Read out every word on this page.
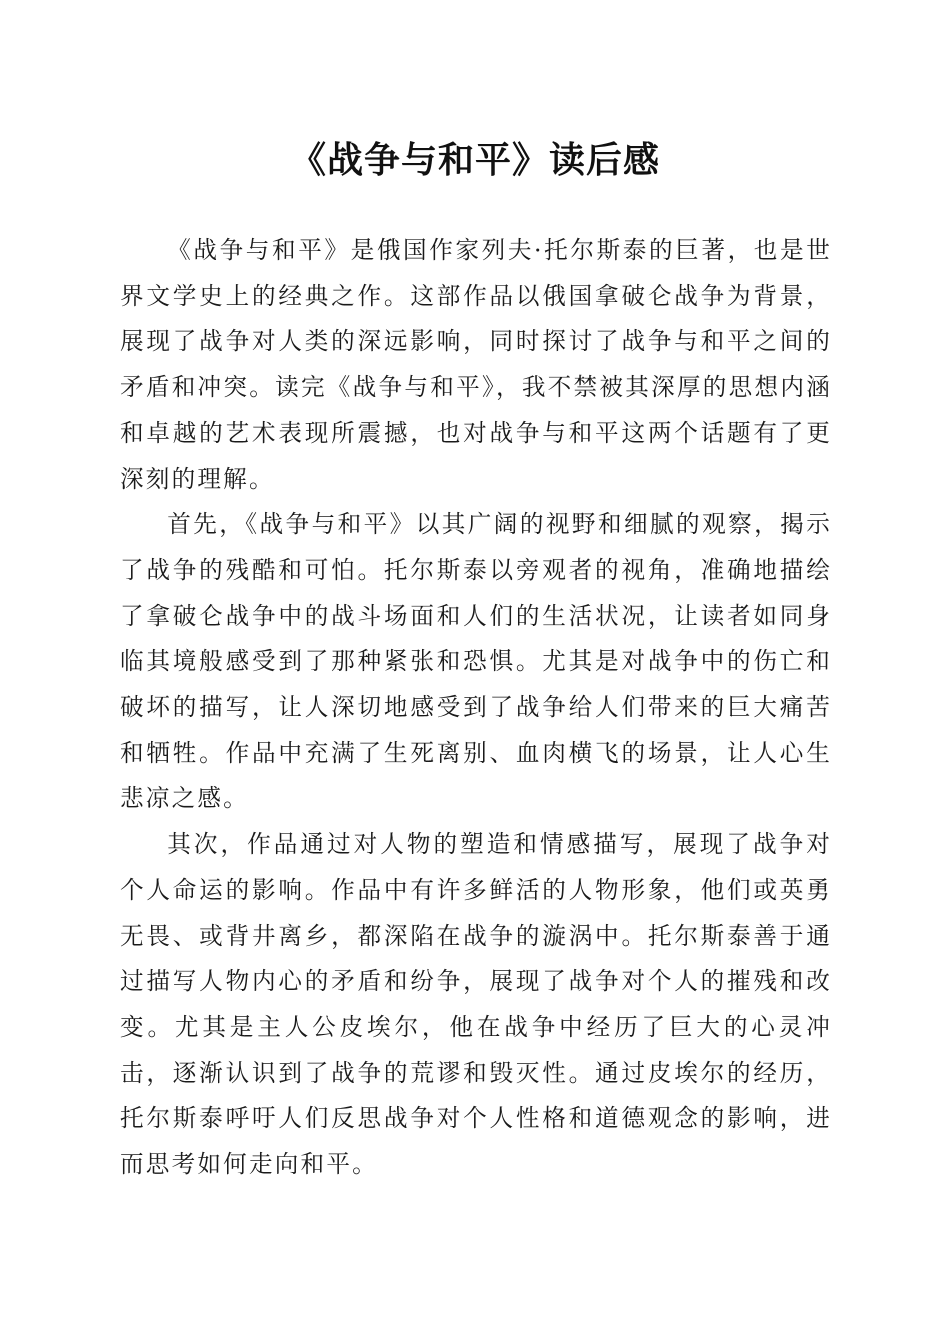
《战争与和平》读后感

《战争与和平》是俄国作家列夫·托尔斯泰的巨著，也是世界文学史上的经典之作。这部作品以俄国拿破仑战争为背景，展现了战争对人类的深远影响，同时探讨了战争与和平之间的矛盾和冲突。读完《战争与和平》，我不禁被其深厚的思想内涵和卓越的艺术表现所震撼，也对战争与和平这两个话题有了更深刻的理解。

首先，《战争与和平》以其广阔的视野和细腻的观察，揭示了战争的残酷和可怕。托尔斯泰以旁观者的视角，准确地描绘了拿破仑战争中的战斗场面和人们的生活状况，让读者如同身临其境般感受到了那种紧张和恐惧。尤其是对战争中的伤亡和破坏的描写，让人深切地感受到了战争给人们带来的巨大痛苦和牺牲。作品中充满了生死离别、血肉横飞的场景，让人心生悲凉之感。

其次，作品通过对人物的塑造和情感描写，展现了战争对个人命运的影响。作品中有许多鲜活的人物形象，他们或英勇无畏、或背井离乡，都深陷在战争的漩涡中。托尔斯泰善于通过描写人物内心的矛盾和纷争，展现了战争对个人的摧残和改变。尤其是主人公皮埃尔，他在战争中经历了巨大的心灵冲击，逐渐认识到了战争的荒谬和毁灭性。通过皮埃尔的经历，托尔斯泰呼吁人们反思战争对个人性格和道德观念的影响，进而思考如何走向和平。
